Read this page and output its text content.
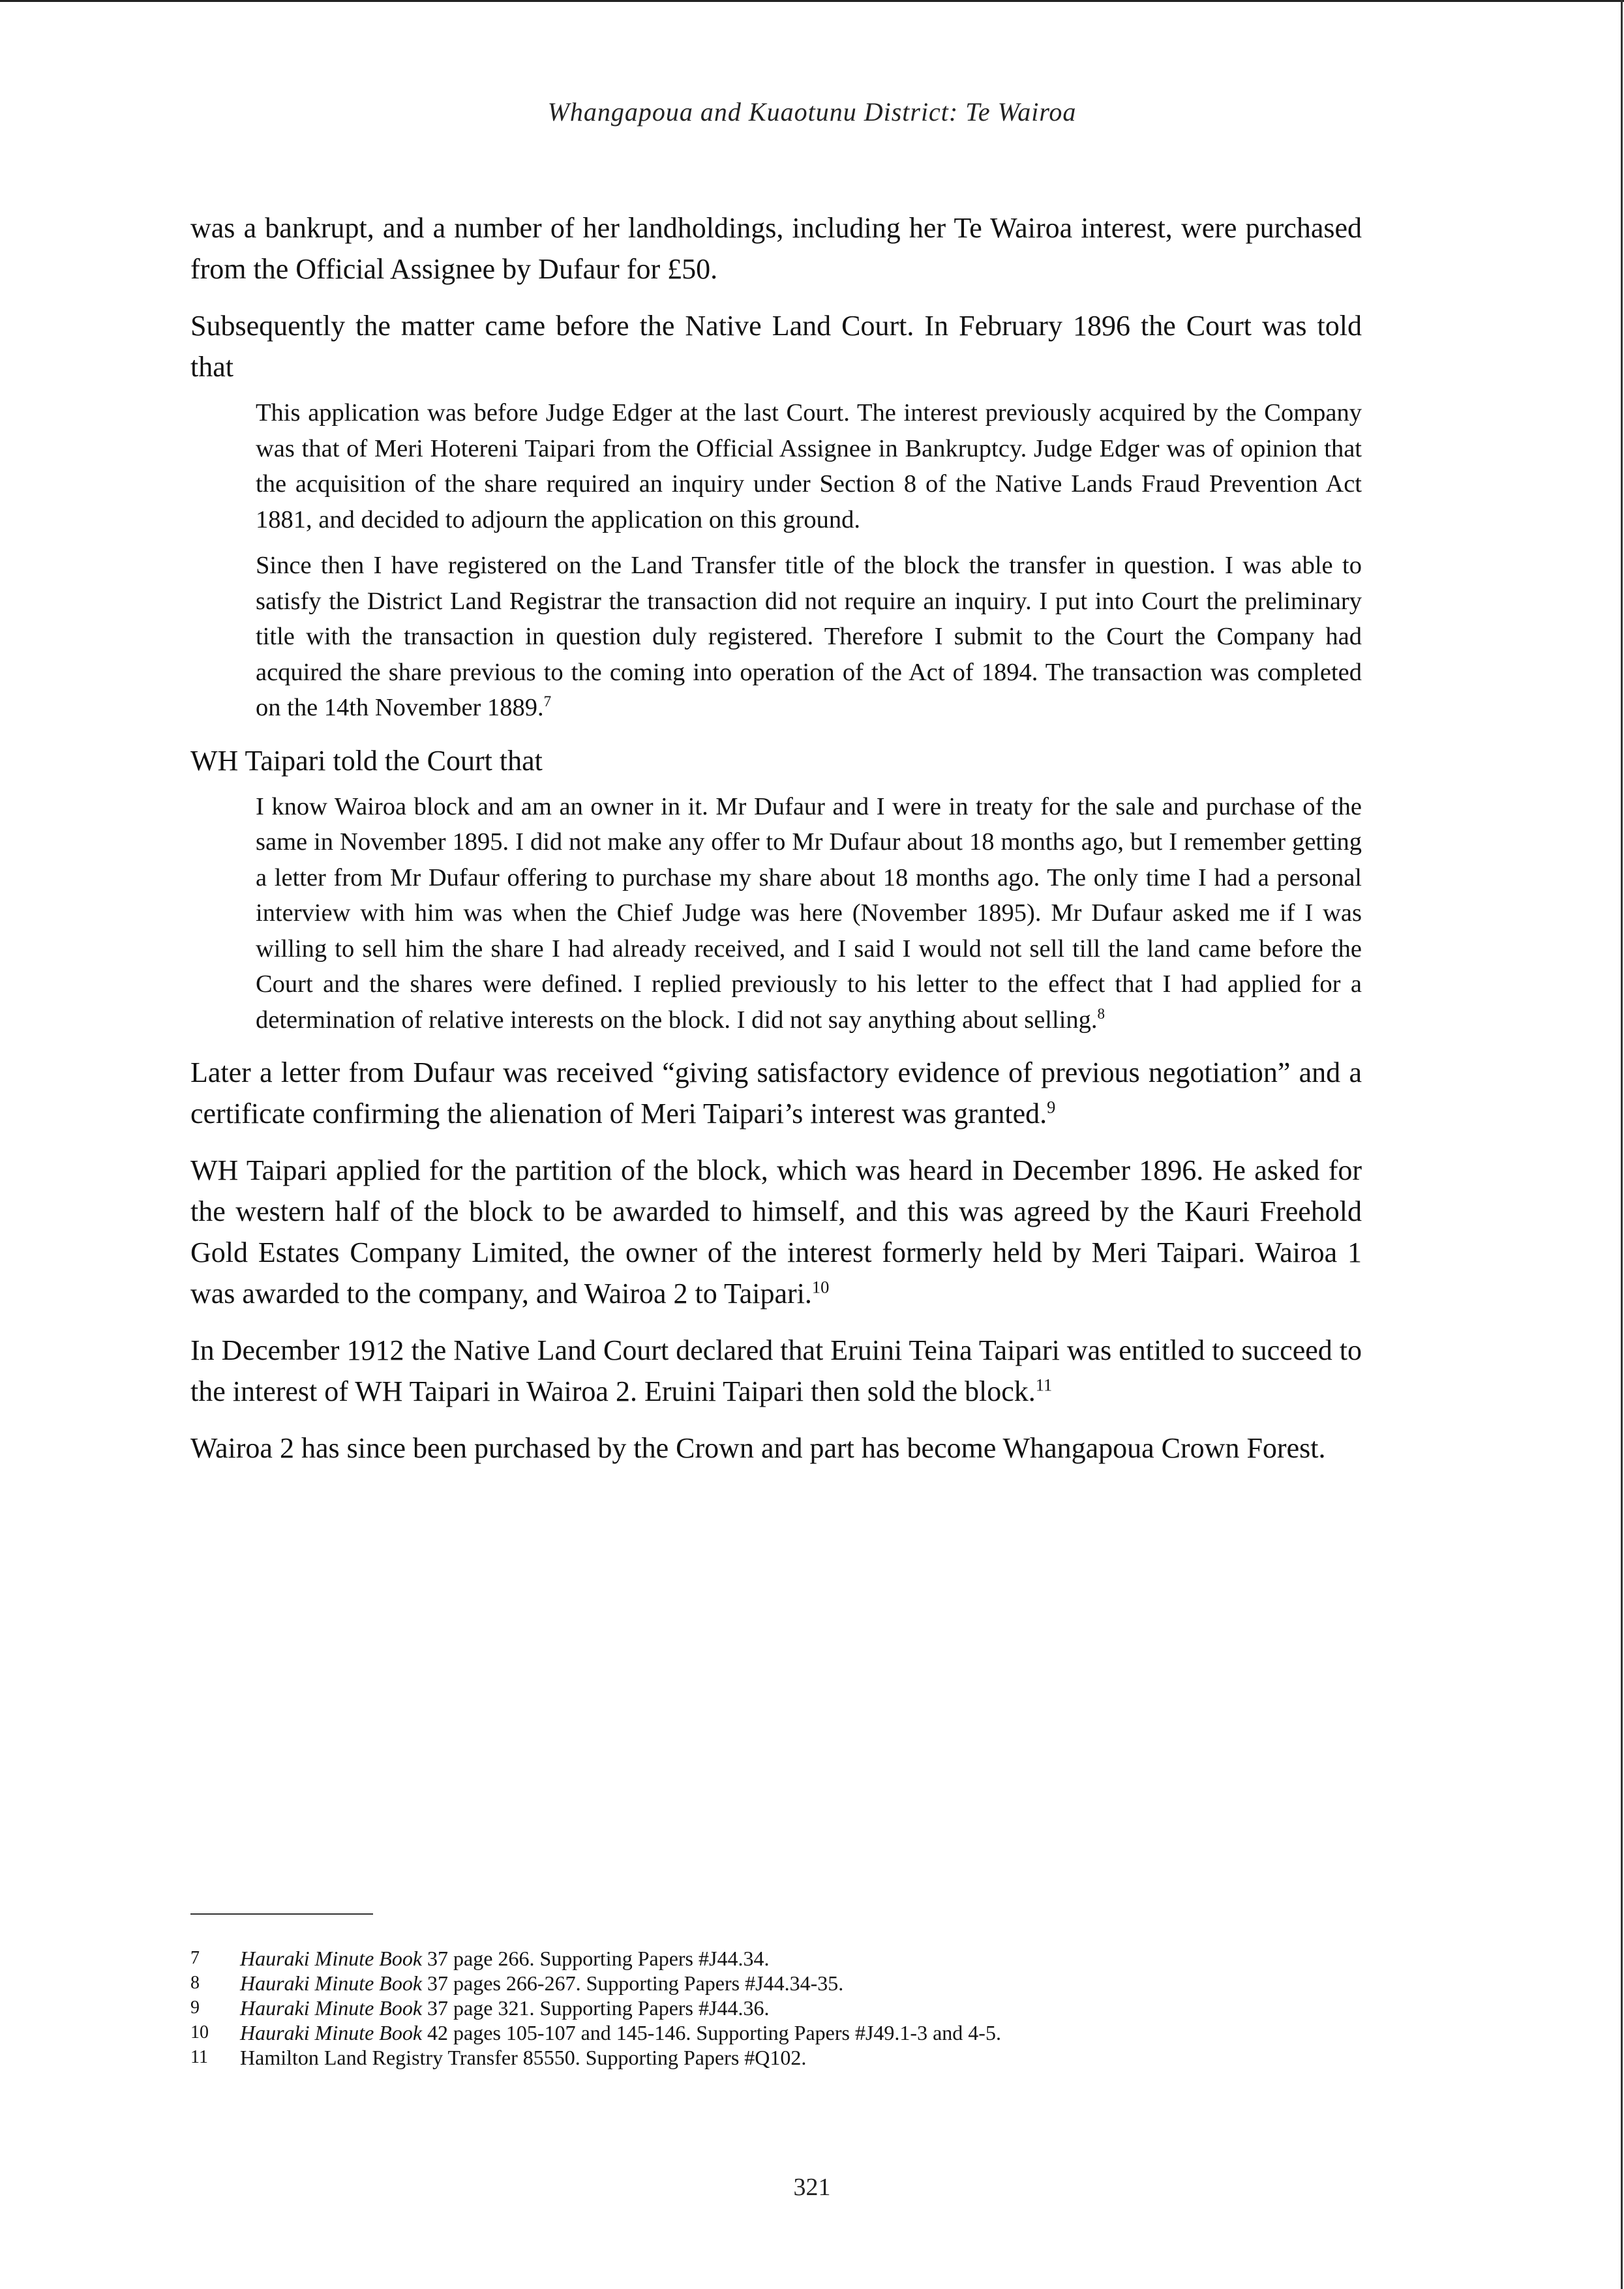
Whangapoua and Kuaotunu District: Te Wairoa

was a bankrupt, and a number of her landholdings, including her Te Wairoa interest, were purchased from the Official Assignee by Dufaur for £50.

Subsequently the matter came before the Native Land Court. In February 1896 the Court was told that

This application was before Judge Edger at the last Court. The interest previously acquired by the Company was that of Meri Hotereni Taipari from the Official Assignee in Bankruptcy. Judge Edger was of opinion that the acquisition of the share required an inquiry under Section 8 of the Native Lands Fraud Prevention Act 1881, and decided to adjourn the application on this ground.

Since then I have registered on the Land Transfer title of the block the transfer in question. I was able to satisfy the District Land Registrar the transaction did not require an inquiry. I put into Court the preliminary title with the transaction in question duly registered. Therefore I submit to the Court the Company had acquired the share previous to the coming into operation of the Act of 1894. The transaction was completed on the 14th November 1889.$^7$

WH Taipari told the Court that

I know Wairoa block and am an owner in it. Mr Dufaur and I were in treaty for the sale and purchase of the same in November 1895. I did not make any offer to Mr Dufaur about 18 months ago, but I remember getting a letter from Mr Dufaur offering to purchase my share about 18 months ago. The only time I had a personal interview with him was when the Chief Judge was here (November 1895). Mr Dufaur asked me if I was willing to sell him the share I had already received, and I said I would not sell till the land came before the Court and the shares were defined. I replied previously to his letter to the effect that I had applied for a determination of relative interests on the block. I did not say anything about selling.$^8$

Later a letter from Dufaur was received “giving satisfactory evidence of previous negotiation” and a certificate confirming the alienation of Meri Taipari’s interest was granted.$^9$

WH Taipari applied for the partition of the block, which was heard in December 1896. He asked for the western half of the block to be awarded to himself, and this was agreed by the Kauri Freehold Gold Estates Company Limited, the owner of the interest formerly held by Meri Taipari. Wairoa 1 was awarded to the company, and Wairoa 2 to Taipari.$^{10}$

In December 1912 the Native Land Court declared that Eruini Teina Taipari was entitled to succeed to the interest of WH Taipari in Wairoa 2. Eruini Taipari then sold the block.$^{11}$

Wairoa 2 has since been purchased by the Crown and part has become Whangapoua Crown Forest.

7	Hauraki Minute Book 37 page 266. Supporting Papers #J44.34.
8	Hauraki Minute Book 37 pages 266-267. Supporting Papers #J44.34-35.
9	Hauraki Minute Book 37 page 321. Supporting Papers #J44.36.
10	Hauraki Minute Book 42 pages 105-107 and 145-146. Supporting Papers #J49.1-3 and 4-5.
11	Hamilton Land Registry Transfer 85550. Supporting Papers #Q102.
321
